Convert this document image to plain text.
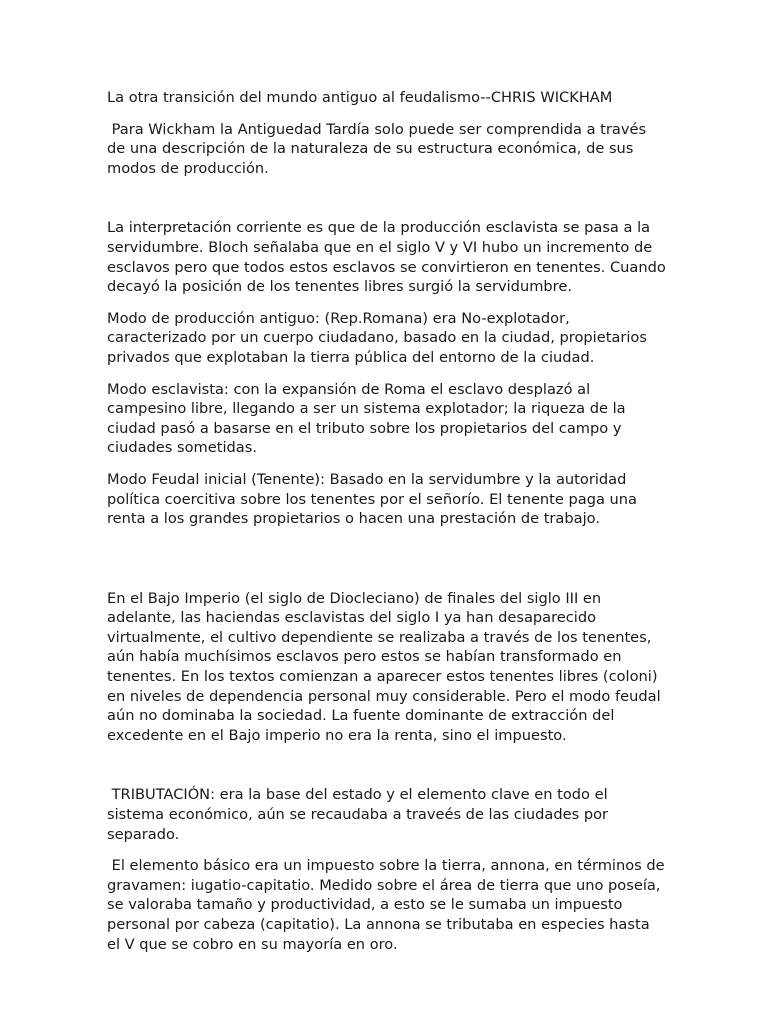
La otra transición del mundo antiguo al feudalismo--CHRIS WICKHAM

Para Wickham la Antiguedad Tardía solo puede ser comprendida a través de una descripción de la naturaleza de su estructura económica, de sus modos de producción.

La interpretación corriente es que de la producción esclavista se pasa a la servidumbre. Bloch señalaba que en el siglo V y VI hubo un incremento de esclavos pero que todos estos esclavos se convirtieron en tenentes. Cuando decayó la posición de los tenentes libres surgió la servidumbre.

Modo de producción antiguo: (Rep.Romana) era No-explotador, caracterizado por un cuerpo ciudadano, basado en la ciudad, propietarios privados que explotaban la tierra pública del entorno de la ciudad.

Modo esclavista: con la expansión de Roma el esclavo desplazó al campesino libre, llegando a ser un sistema explotador; la riqueza de la ciudad pasó a basarse en el tributo sobre los propietarios del campo y ciudades sometidas.

Modo Feudal inicial (Tenente): Basado en la servidumbre y la autoridad política coercitiva sobre los tenentes por el señorío. El tenente paga una renta a los grandes propietarios o hacen una prestación de trabajo.

En el Bajo Imperio (el siglo de Diocleciano) de finales del siglo III en adelante, las haciendas esclavistas del siglo I ya han desaparecido virtualmente, el cultivo dependiente se realizaba a través de los tenentes, aún había muchísimos esclavos pero estos se habían transformado en tenentes. En los textos comienzan a aparecer estos tenentes libres (coloni) en niveles de dependencia personal muy considerable. Pero el modo feudal aún no dominaba la sociedad. La fuente dominante de extracción del excedente en el Bajo imperio no era la renta, sino el impuesto.

TRIBUTACIÓN: era la base del estado y el elemento clave en todo el sistema económico, aún se recaudaba a traveés de las ciudades por separado.

El elemento básico era un impuesto sobre la tierra, annona, en términos de gravamen: iugatio-capitatio. Medido sobre el área de tierra que uno poseía, se valoraba tamaño y productividad, a esto se le sumaba un impuesto personal por cabeza (capitatio). La annona se tributaba en especies hasta el V que se cobro en su mayoría en oro.
